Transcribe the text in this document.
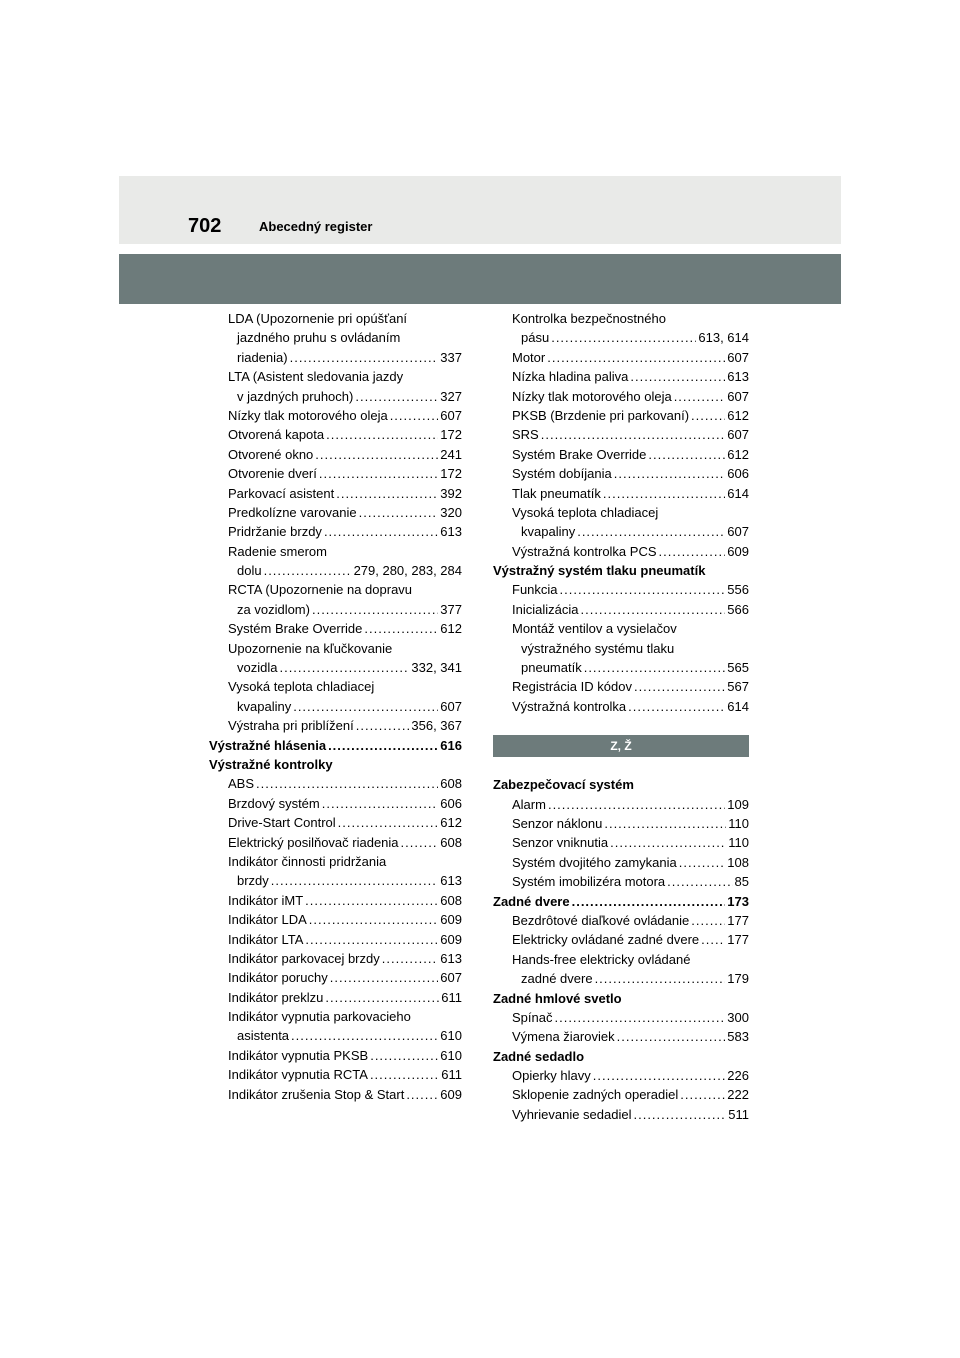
702	Abecedný register
LDA (Upozornenie pri opúšťaní
jazdného pruhu s ovládaním
riadenia) .....	337
LTA (Asistent sledovania jazdy
v jazdných pruhoch) .....	327
Nízky tlak motorového oleja .....	607
Otvorená kapota .....	172
Otvorené okno .....	241
Otvorenie dverí .....	172
Parkovací asistent .....	392
Predkolízne varovanie .....	320
Pridržanie brzdy .....	613
Radenie smerom
dolu .....	279, 280, 283, 284
RCTA (Upozornenie na dopravu
za vozidlom) .....	377
Systém Brake Override .....	612
Upozornenie na kľučkovanie
vozidla .....	332, 341
Vysoká teplota chladiacej
kvapaliny .....	607
Výstraha pri priblížení .....	356, 367
Výstražné hlásenia .....	616
Výstražné kontrolky
ABS .....	608
Brzdový systém .....	606
Drive-Start Control .....	612
Elektrický posilňovač riadenia .....	608
Indikátor činnosti pridržania
brzdy .....	613
Indikátor iMT .....	608
Indikátor LDA .....	609
Indikátor LTA .....	609
Indikátor parkovacej brzdy .....	613
Indikátor poruchy .....	607
Indikátor preklzu .....	611
Indikátor vypnutia parkovacieho
asistenta .....	610
Indikátor vypnutia PKSB .....	610
Indikátor vypnutia RCTA .....	611
Indikátor zrušenia Stop & Start .....	609
Kontrolka bezpečnostného
pásu .....	613, 614
Motor .....	607
Nízka hladina paliva .....	613
Nízky tlak motorového oleja .....	607
PKSB (Brzdenie pri parkovaní) .....	612
SRS .....	607
Systém Brake Override .....	612
Systém dobíjania .....	606
Tlak pneumatík .....	614
Vysoká teplota chladiacej
kvapaliny .....	607
Výstražná kontrolka PCS .....	609
Výstražný systém tlaku pneumatík
Funkcia .....	556
Inicializácia .....	566
Montáž ventilov a vysielačov
výstražného systému tlaku
pneumatík .....	565
Registrácia ID kódov .....	567
Výstražná kontrolka .....	614
Z, Ž
Zabezpečovací systém
Alarm .....	109
Senzor náklonu .....	110
Senzor vniknutia .....	110
Systém dvojitého zamykania .....	108
Systém imobilizéra motora .....	85
Zadné dvere .....	173
Bezdrôtové diaľkové ovládanie .....	177
Elektricky ovládané zadné dvere ..... 177
Hands-free elektricky ovládané
zadné dvere .....	179
Zadné hmlové svetlo
Spínač .....	300
Výmena žiaroviek .....	583
Zadné sedadlo
Opierky hlavy .....	226
Sklopenie zadných operadiel .....	222
Vyhrievanie sedadiel .....	511
